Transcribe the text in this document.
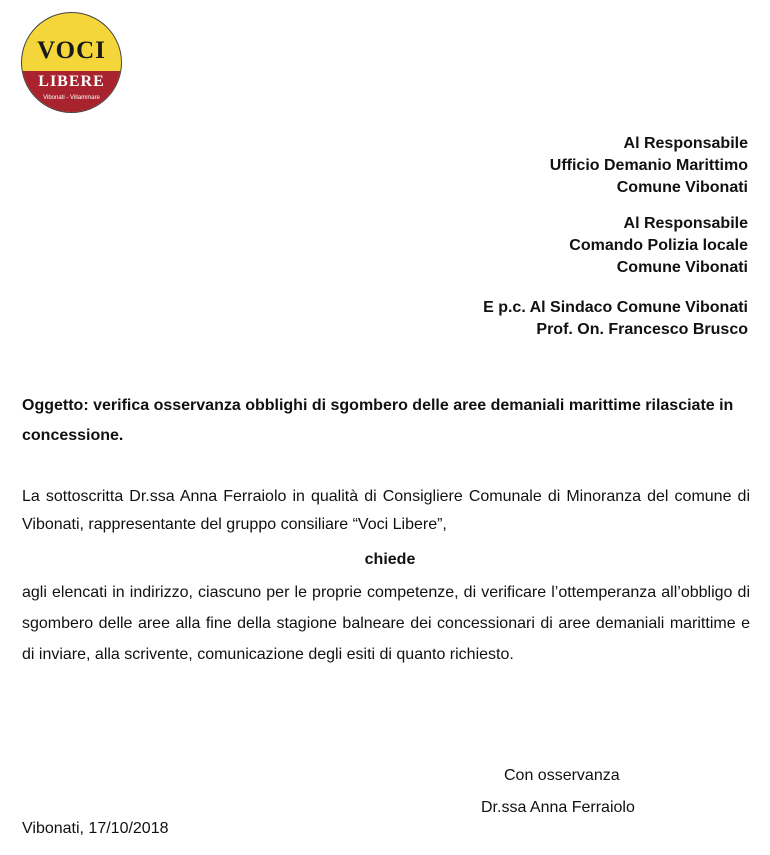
VOCI
LIBERE
Vibonati - Villammare
Al Responsabile
Ufficio Demanio Marittimo
Comune Vibonati
Al Responsabile
Comando Polizia locale
Comune Vibonati
E p.c. Al Sindaco Comune Vibonati
Prof. On. Francesco Brusco
Oggetto: verifica osservanza obblighi di sgombero delle aree demaniali marittime rilasciate in concessione.
La sottoscritta Dr.ssa Anna Ferraiolo in qualità di Consigliere Comunale di Minoranza del comune di Vibonati, rappresentante del gruppo consiliare “Voci Libere”,
chiede
agli elencati in indirizzo, ciascuno per le proprie competenze, di verificare l’ottemperanza all’obbligo di sgombero delle aree alla fine della stagione balneare dei concessionari di aree demaniali marittime e di inviare, alla scrivente, comunicazione degli esiti di quanto richiesto.
Con osservanza
Dr.ssa Anna Ferraiolo
Vibonati, 17/10/2018
